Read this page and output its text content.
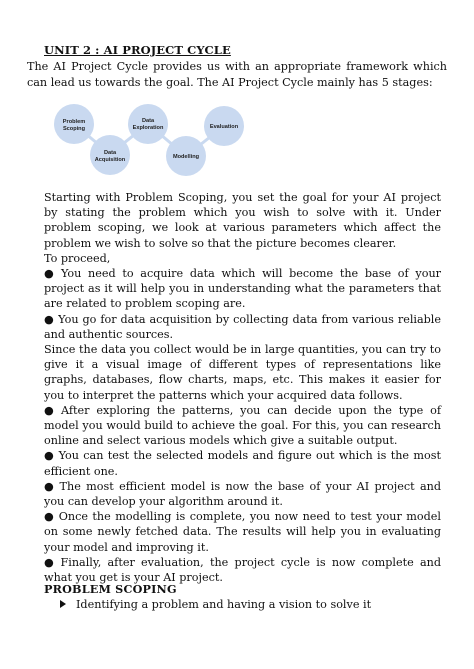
UNIT 2 : AI PROJECT CYCLE
The AI Project Cycle provides us with an appropriate framework which can lead us towards the goal. The AI Project Cycle mainly has 5 stages:
Problem
Scoping
Data
Acquisition
Data
Exploration
Modelling
Evaluation

Starting with Problem Scoping, you set the goal for your AI project by stating the problem which you wish to solve with it. Under problem scoping, we look at various parameters which affect the problem we wish to solve so that the picture becomes clearer.

To proceed,

● You need to acquire data which will become the base of your project as it will help you in understanding what the parameters that are related to problem scoping are.

● You go for data acquisition by collecting data from various reliable and authentic sources.

Since the data you collect would be in large quantities, you can try to give it a visual image of different types of representations like graphs, databases, flow charts, maps, etc. This makes it easier for you to interpret the patterns which your acquired data follows.

● After exploring the patterns, you can decide upon the type of model you would build to achieve the goal. For this, you can research online and select various models which give a suitable output.

● You can test the selected models and figure out which is the most efficient one.

● The most efficient model is now the base of your AI project and you can develop your algorithm around it.

● Once the modelling is complete, you now need to test your model on some newly fetched data. The results will help you in evaluating your model and improving it.

● Finally, after evaluation, the project cycle is now complete and what you get is your AI project.

PROBLEM SCOPING
Identifying a problem and having a vision to solve it
